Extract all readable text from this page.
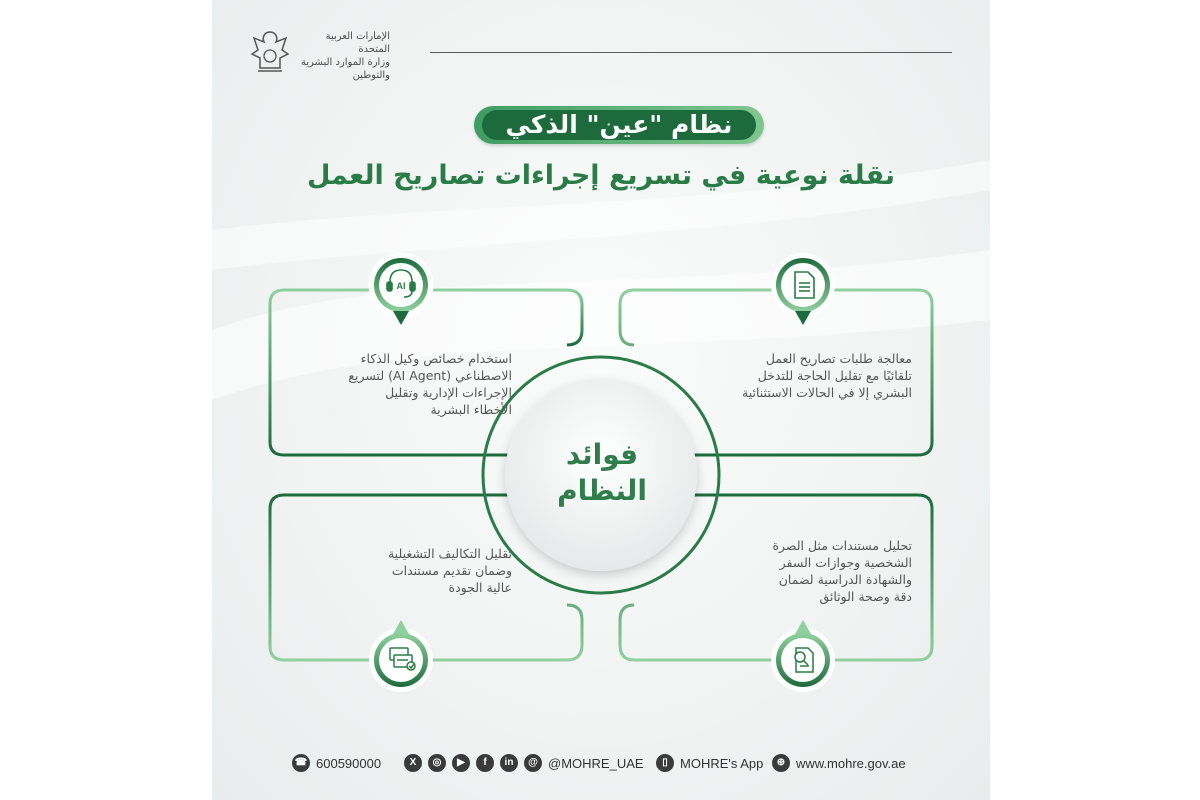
الإمارات العربية المتحدة
وزارة الموارد البشرية
والتوطين
نظام "عين" الذكي
نقلة نوعية في تسريع إجراءات تصاريح العمل
AI
استخدام خصائص وكيل الذكاء
الاصطناعي (AI Agent) لتسريع
الإجراءات الإدارية وتقليل
الأخطاء البشرية
معالجة طلبات تصاريح العمل
تلقائيًا مع تقليل الحاجة للتدخل
البشري إلا في الحالات الاستثنائية
تقليل التكاليف التشغيلية
وضمان تقديم مستندات
عالية الجودة
تحليل مستندات مثل الصرة
الشخصية وجوازات السفر
والشهادة الدراسية لضمان
دقة وصحة الوثائق
فوائد
النظام
☎ 600590000	X	◎	▶	f	in	@ @MOHRE_UAE	▯ MOHRE's App	⊕ www.mohre.gov.ae
